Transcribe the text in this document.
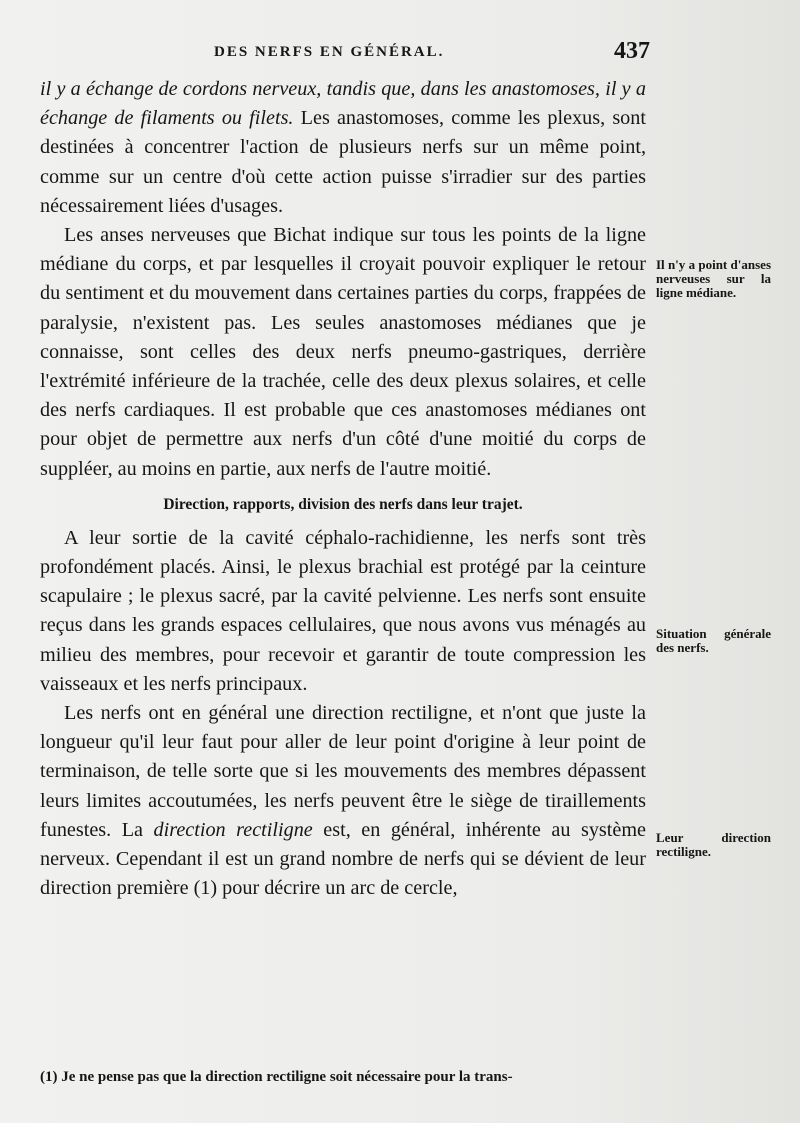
DES NERFS EN GÉNÉRAL.	437

il y a échange de cordons nerveux, tandis que, dans les anastomoses, il y a échange de filaments ou filets. Les anastomoses, comme les plexus, sont destinées à concentrer l'action de plusieurs nerfs sur un même point, comme sur un centre d'où cette action puisse s'irradier sur des parties nécessairement liées d'usages.

Les anses nerveuses que Bichat indique sur tous les points de la ligne médiane du corps, et par lesquelles il croyait pouvoir expliquer le retour du sentiment et du mouvement dans certaines parties du corps, frappées de paralysie, n'existent pas. Les seules anastomoses médianes que je connaisse, sont celles des deux nerfs pneumo-gastriques, derrière l'extrémité inférieure de la trachée, celle des deux plexus solaires, et celle des nerfs cardiaques. Il est probable que ces anastomoses médianes ont pour objet de permettre aux nerfs d'un côté d'une moitié du corps de suppléer, au moins en partie, aux nerfs de l'autre moitié.

Direction, rapports, division des nerfs dans leur trajet.

A leur sortie de la cavité céphalo-rachidienne, les nerfs sont très profondément placés. Ainsi, le plexus brachial est protégé par la ceinture scapulaire ; le plexus sacré, par la cavité pelvienne. Les nerfs sont ensuite reçus dans les grands espaces cellulaires, que nous avons vus ménagés au milieu des membres, pour recevoir et garantir de toute compression les vaisseaux et les nerfs principaux.

Les nerfs ont en général une direction rectiligne, et n'ont que juste la longueur qu'il leur faut pour aller de leur point d'origine à leur point de terminaison, de telle sorte que si les mouvements des membres dépassent leurs limites accoutumées, les nerfs peuvent être le siège de tiraillements funestes. La direction rectiligne est, en général, inhérente au système nerveux. Cependant il est un grand nombre de nerfs qui se dévient de leur direction première (1) pour décrire un arc de cercle,

Il n'y a point d'anses nerveuses sur la ligne médiane.
Situation générale des nerfs.
Leur direction rectiligne.
(1) Je ne pense pas que la direction rectiligne soit nécessaire pour la trans-
